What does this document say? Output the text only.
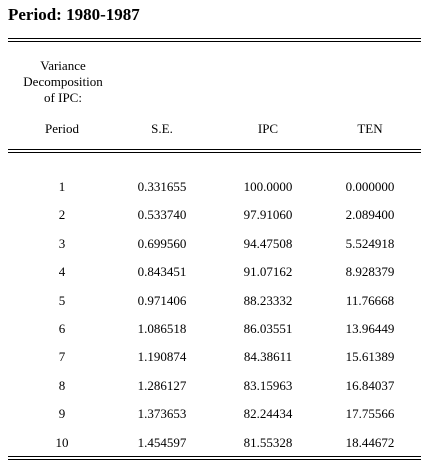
Period: 1980-1987
Variance
Decomposition
of IPC:
Period	S.E.	IPC	TEN
1	0.331655	100.0000	0.000000
2	0.533740	97.91060	2.089400
3	0.699560	94.47508	5.524918
4	0.843451	91.07162	8.928379
5	0.971406	88.23332	11.76668
6	1.086518	86.03551	13.96449
7	1.190874	84.38611	15.61389
8	1.286127	83.15963	16.84037
9	1.373653	82.24434	17.75566
10	1.454597	81.55328	18.44672
